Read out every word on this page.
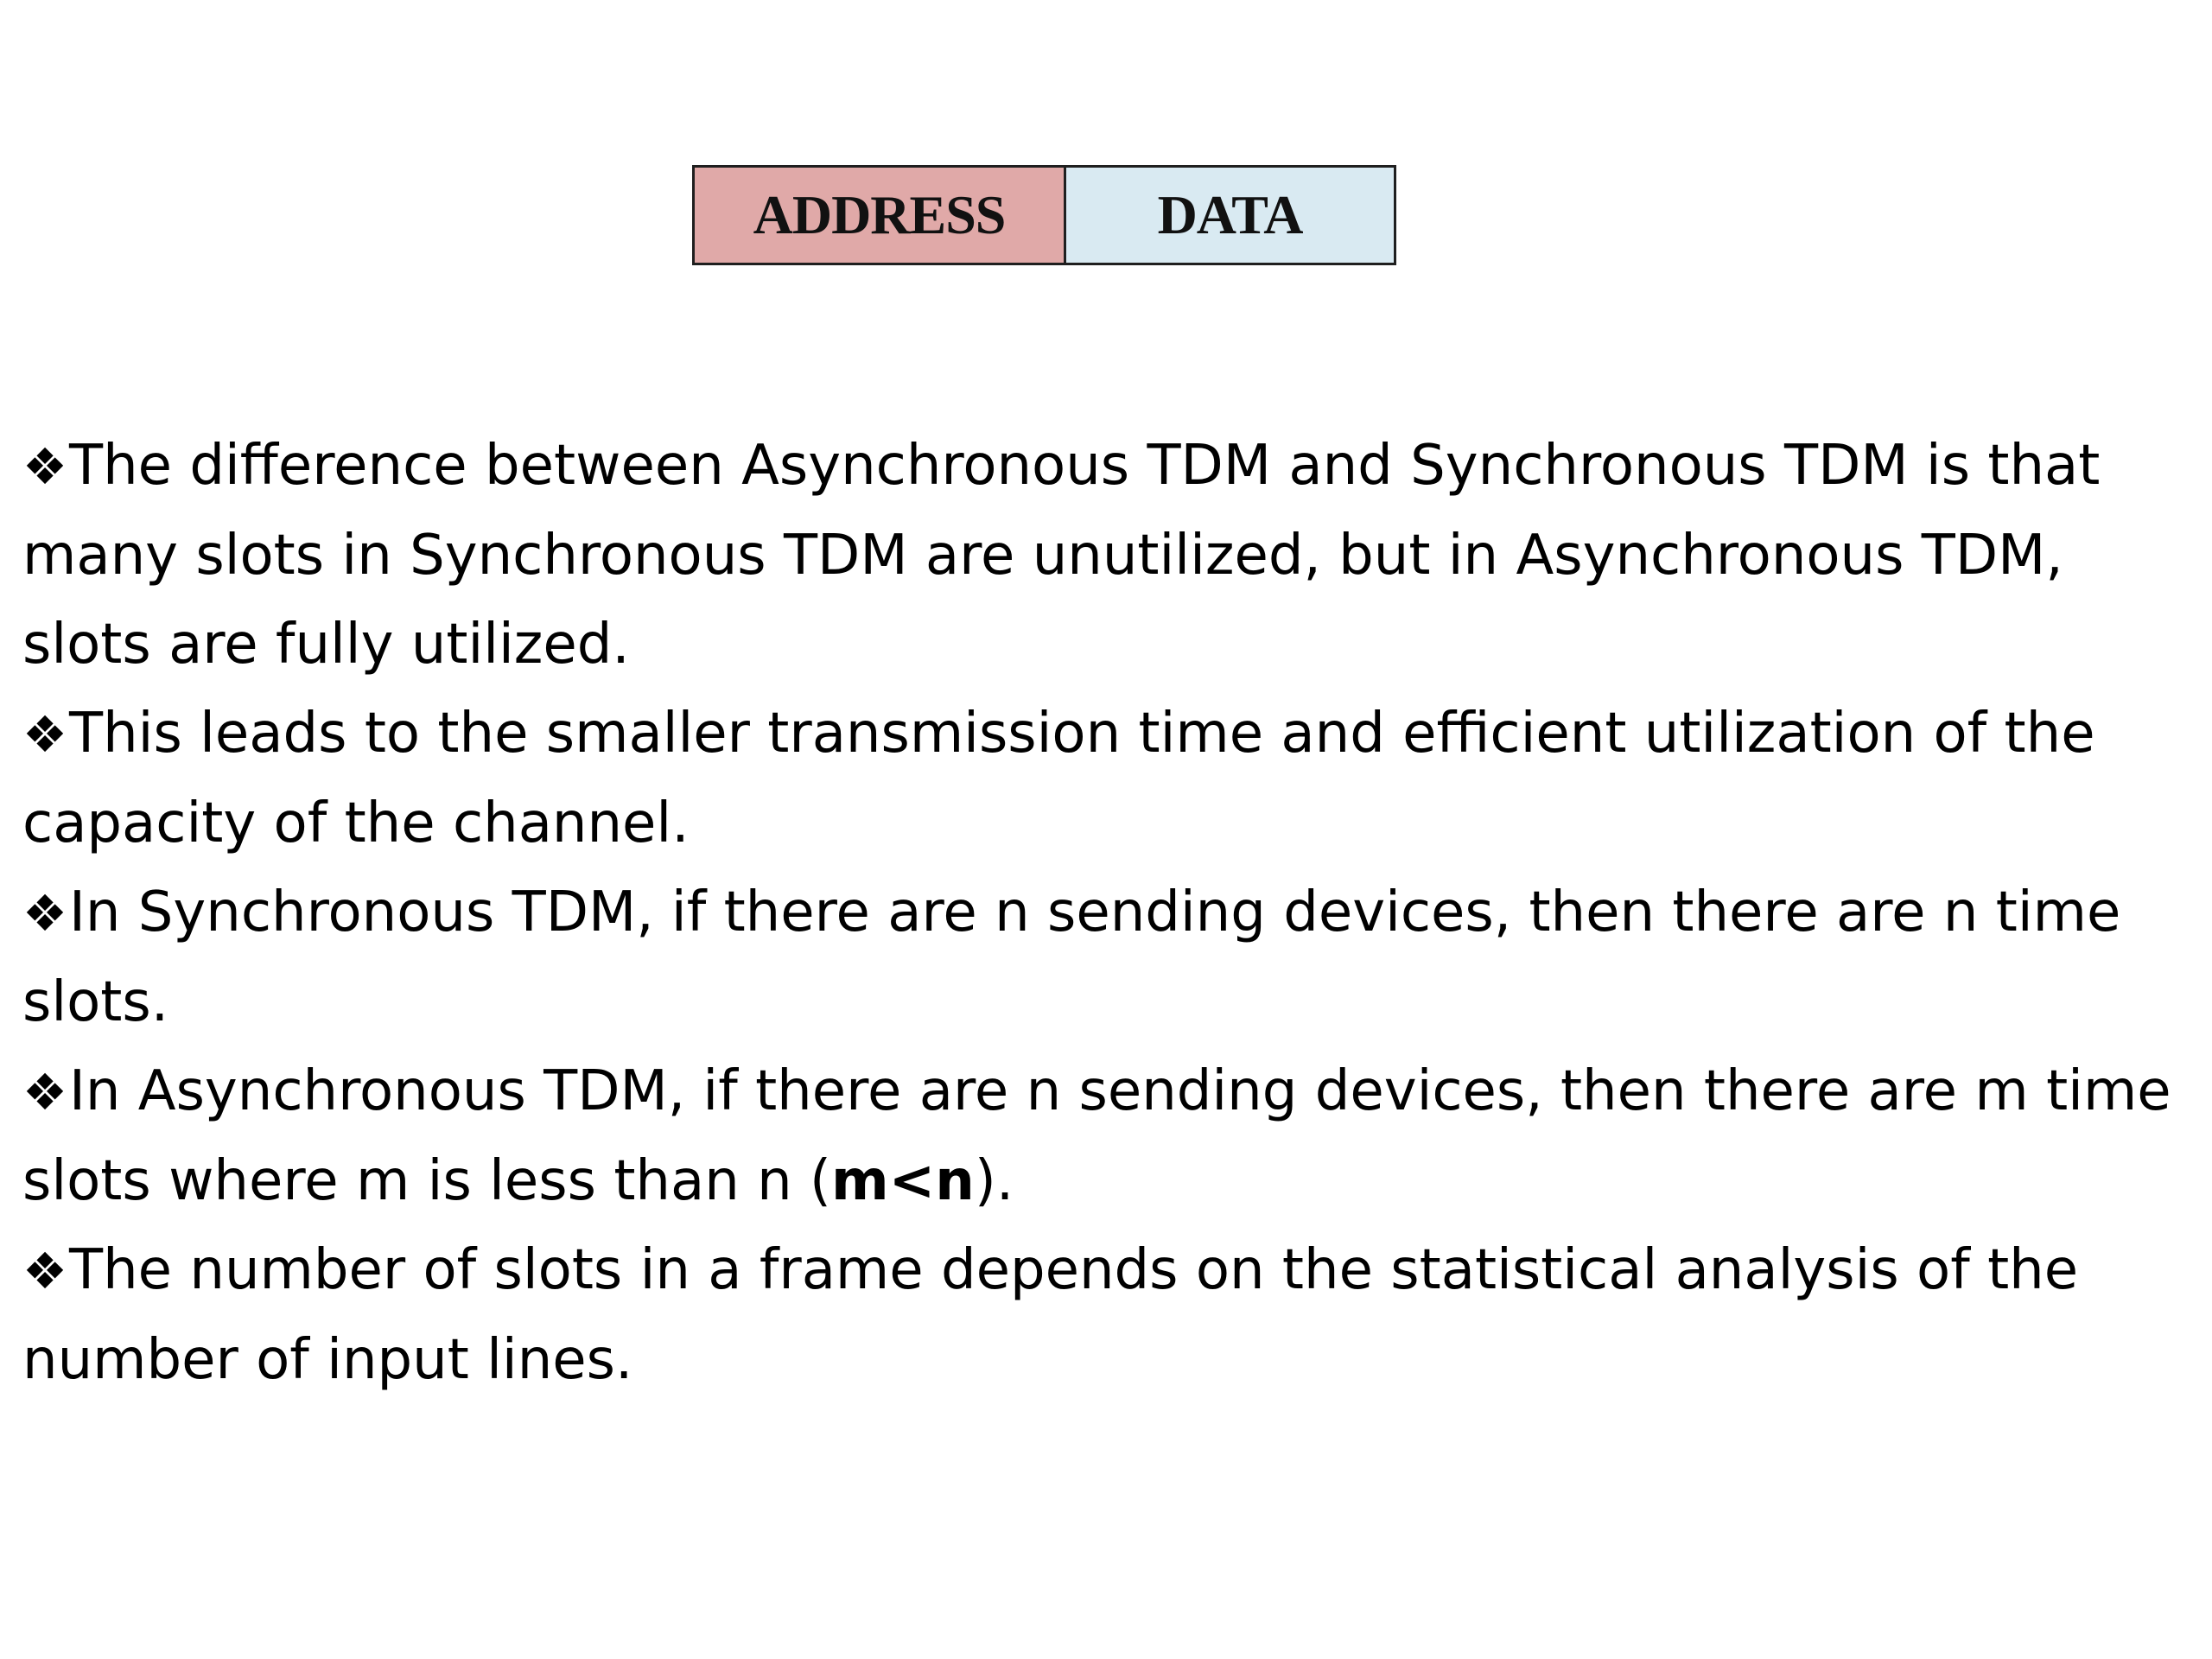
ADDRESS	DATA

❖The difference between Asynchronous TDM and Synchronous TDM is that many slots in Synchronous TDM are unutilized, but in Asynchronous TDM, slots are fully utilized.

❖This leads to the smaller transmission time and efficient utilization of the capacity of the channel.

❖In Synchronous TDM, if there are n sending devices, then there are n time slots.

❖In Asynchronous TDM, if there are n sending devices, then there are m time slots where m is less than n (m<n).

❖The number of slots in a frame depends on the statistical analysis of the number of input lines.
